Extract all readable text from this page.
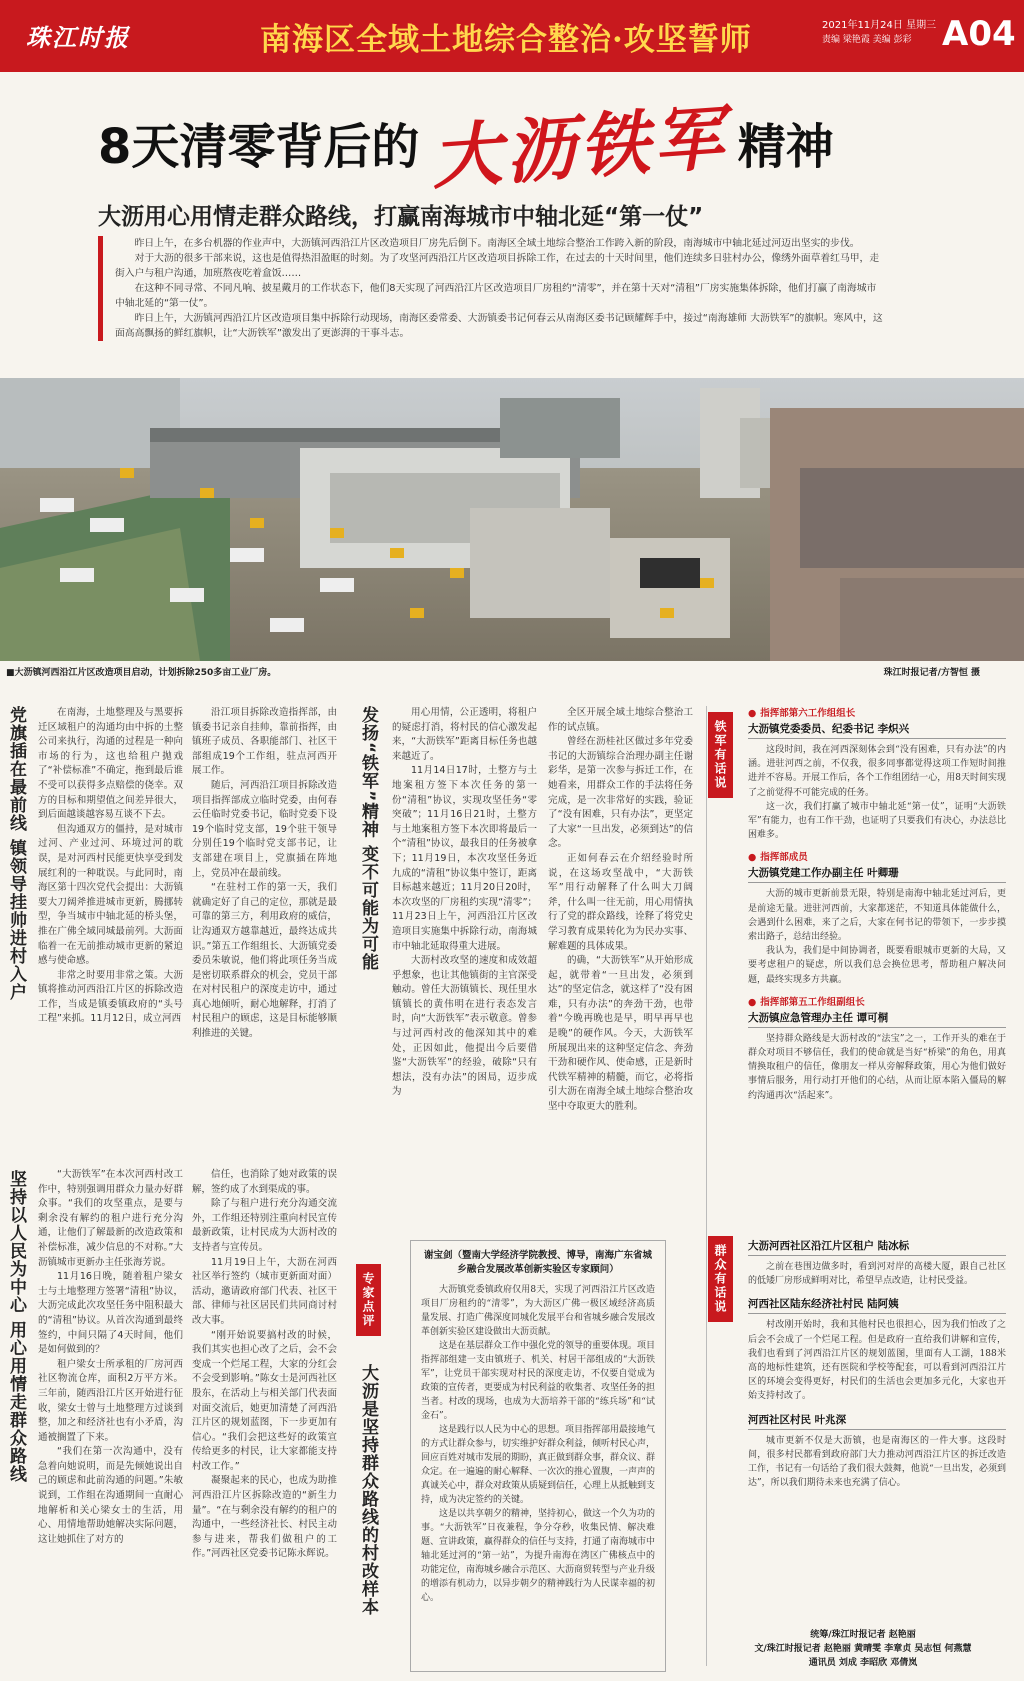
珠江时报	南海区全域土地综合整治·攻坚誓师	2021年11月24日 星期三
责编 梁艳霞 美编 彭彩 A04
8天清零背后的 大沥铁军 精神
大沥用心用情走群众路线，打赢南海城市中轴北延“第一仗”

昨日上午，在多台机器的作业声中，大沥镇河西沿江片区改造项目厂房先后倒下。南海区全域土地综合整治工作跨入新的阶段，南海城市中轴北延过河迈出坚实的步伐。

对于大沥的很多干部来说，这也是值得热泪盈眶的时刻。为了攻坚河西沿江片区改造项目拆除工作，在过去的十天时间里，他们连续多日驻村办公，像绣外面草着红马甲，走街入户与租户沟通，加班熬夜吃着盒饭……

在这种不同寻常、不同凡响、披星戴月的工作状态下，他们8天实现了河西沿江片区改造项目厂房租约“清零”，并在第十天对“清租”厂房实施集体拆除，他们打赢了南海城市中轴北延的“第一仗”。

昨日上午，大沥镇河西沿江片区改造项目集中拆除行动现场，南海区委常委、大沥镇委书记何春云从南海区委书记顾耀辉手中，接过“南海雄师 大沥铁军”的旗帜。寒风中，这面高高飘扬的鲜红旗帜，让“大沥铁军”激发出了更澎湃的干事斗志。

■大沥镇河西沿江片区改造项目启动，计划拆除250多亩工业厂房。	珠江时报记者/方智恒 摄
党旗插在最前线 镇领导挂帅进村入户	在南海，土地整理及与黑要拆迁区域租户的沟通均由中拆的土整公司来执行，沟通的过程是一种向市场的行为，这也给租户抛戏了“补偿标准”不确定，拖到最后谁不受可以获得多点赔偿的侥幸。双方的目标和期望值之间差异很大，到后面越谈越容易互谈不下去。

但沟通双方的僵持，是对城市过河、产业过河、环境过河的耽误，是对河西村民能更快享受到发展红利的一种耽误。与此同时，南海区第十四次党代会提出：大沥镇要大刀阔斧推进城市更新，腾挪转型，争当城市中轴北延的桥头堡，推在广佛全域同城最前列。大沥面临着一在无前推动城市更新的紧迫感与使命感。

非常之时要用非常之策。大沥镇将推动河西沿江片区的拆除改造工作，当成是镇委镇政府的“头号工程”来抓。11月12日，成立河西

沿江项目拆除改造指挥部，由镇委书记亲自挂帅，靠前指挥，由镇班子成员、各职能部门、社区干部组成19个工作组，驻点河西开展工作。

随后，河西沿江项目拆除改造项目指挥部成立临时党委，由何春云任临时党委书记，临时党委下设19个临时党支部，19个驻干领导分别任19个临时党支部书记，让支部建在项目上，党旗插在阵地上，党员冲在最前线。

“在驻村工作的第一天，我们就确定好了自己的定位，那就是最可靠的第三方，利用政府的威信，让沟通双方越靠越近，最终达成共识。”第五工作组组长、大沥镇党委委员朱敏说，他们将此项任务当成是密切联系群众的机会，党员干部在对村民租户的深度走访中，通过真心地倾听，耐心地解释，打消了村民租户的顾虑，这是目标能够顺利推进的关键。

发扬“铁军”精神 变不可能为可能	用心用情，公正透明，将租户的疑虑打消，将村民的信心激发起来，“大沥铁军”距离目标任务也越来越近了。

11月14日17时，土整方与土地案租方签下本次任务的第一份“清租”协议，实现攻坚任务“零突破”；11月16日21时，土整方与土地案租方签下本次即将最后一个“清租”协议，最我目的任务被拿下；11月19日，本次攻坚任务近九成的“清租”协议集中签订，距离目标越来越近；11月20日20时，本次攻坚的厂房租约实现“清零”；11月23日上午，河西沿江片区改造项目实施集中拆除行动，南海城市中轴北延取得重大进展。

大沥村改攻坚的速度和成效超乎想象，也让其他镇街的主官深受触动。曾任大沥镇镇长、现任里水镇镇长的黄伟明在进行表态发言时，向“大沥铁军”表示敬意。曾参与过河西村改的他深知其中的难处，正因如此，他提出今后要借鉴“大沥铁军”的经验，破除“只有想法，没有办法”的困局，迈步成为

全区开展全域土地综合整治工作的试点镇。

曾经在沥桂社区做过多年党委书记的大沥镇综合治理办副主任谢彩华，是第一次参与拆迁工作，在她看来，用群众工作的手法将任务完成，是一次非常好的实践，验证了“没有困难，只有办法”，更坚定了大家“一旦出发，必须到达”的信念。

正如何春云在介绍经验时所说，在这场攻坚战中，“大沥铁军”用行动解释了什么叫大刀阔斧，什么叫一往无前，用心用情执行了党的群众路线，诠释了将党史学习教育成果转化为为民办实事、解难题的具体成果。

的确，“大沥铁军”从开始形成起，就带着“一旦出发，必须到达”的坚定信念，就这样了“没有困难，只有办法”的奔劲干劲，也带着“今晚再晚也是早，明早再早也是晚”的硬作风。今天，大沥铁军所展现出来的这种坚定信念、奔劲干劲和硬作风、使命感，正是新时代铁军精神的精髓，而它，必将指引大沥在南海全域土地综合整治攻坚中夺取更大的胜利。

坚持以人民为中心 用心用情走群众路线	“大沥铁军”在本次河西村改工作中，特别强调用群众力量办好群众事。“我们的攻坚重点，是要与剩余没有解约的租户进行充分沟通，让他们了解最新的改造政策和补偿标准，减少信息的不对称。”大沥镇城市更新办主任张海芳说。

11月16日晚，随着租户梁女士与土地整理方签署“清租”协议，大沥完成此次攻坚任务中阻积最大的“清租”协议。从首次沟通到最终签约，中间只隔了4天时间，他们是如何做到的？

租户梁女士所承租的厂房河西社区物流仓库，面积2万平方米。三年前，随西沿江片区开始进行征收，梁女士曾与土地整理方过谈到整，加之和经济社也有小矛盾，沟通被搁置了下来。

“我们在第一次沟通中，没有急着向她说明，而是先倾她说出自己的顾虑和此前沟通的问题。”朱敏说到，工作组在沟通期间一直耐心地解析和关心梁女士的生活，用心、用情地帮助她解决实际问题，这让她抓住了对方的

信任，也消除了她对政策的误解，签约成了水到渠成的事。

除了与租户进行充分沟通交流外，工作组还特别注重向村民宣传最新政策，让村民成为大沥村改的支持者与宣传员。

11月19日上午，大沥在河西社区举行签约（城市更新面对面）活动，邀请政府部门代表、社区干部、律师与社区居民们共同商讨村改大事。

“刚开始说要搞村改的时候，我们其实也担心改了之后，会不会变成一个烂尾工程，大家的分红会不会受到影响。”陈女士是河西社区股东，在活动上与相关部门代表面对面交流后，她更加清楚了河西沿江片区的规划蓝图，下一步更加有信心。“我们会把这些好的政策宣传给更多的村民，让大家都能支持村改工作。”

凝聚起来的民心，也成为助推河西沿江片区拆除改造的“新生力量”。“在与剩余没有解约的租户的沟通中，一些经济社长、村民主动参与进来，帮我们做租户的工作。”河西社区党委书记陈永辉说。

专家点评
大沥是坚持群众路线的村改样本
谢宝剑（暨南大学经济学院教授、博导，南海广东省城乡融合发展改革创新实验区专家顾问）

大沥镇党委镇政府仅用8天，实现了河西沿江片区改造项目厂房租约的“清零”，为大沥区广佛一极区域经济高质量发展、打造广佛深度同城化发展平台和省城乡融合发展改革创新实验区建设做出大沥贡献。

这是在基层群众工作中强化党的领导的重要体现。项目指挥部组建一支由镇班子、机关、村居干部组成的“大沥铁军”，让党员干部实现对村民的深度走访，不仅要自觉成为政策的宣传者，更要成为村民利益的收集者、攻坚任务的担当者。村改的现场，也成为大沥培养干部的“练兵场”和“试金石”。

这是践行以人民为中心的思想。项目指挥部用最接地气的方式让群众参与，切实维护好群众利益，倾听村民心声，回应百姓对城市发展的期盼，真正做到群众事，群众议、群众定。在一遍遍的耐心解释、一次次的推心置腹，一声声的真诚关心中，群众对政策从质疑到信任，心理上从抵触到支持，成为决定签约的关键。

这是以共享朝夕的精神，坚持初心，做这一个久为功的事。“大沥铁军”日夜兼程，争分夺秒，收集民情、解决难题、宣讲政策，赢得群众的信任与支持，打通了南海城市中轴北延过河的“第一站”，为提升南海在湾区广佛核点中的功能定位，南海城乡融合示范区、大沥商贸转型与产业升级的增添有机动力，以异步朝夕的精神践行为人民谋幸福的初心。

铁军有话说
● 指挥部第六工作组组长
大沥镇党委委员、纪委书记 李炽兴

这段时间，我在河西深刻体会到“没有困难，只有办法”的内涵。进驻河西之前，不仅我，很多同事都觉得这项工作短时间推进并不容易。开展工作后，各个工作组团结一心，用8天时间实现了之前觉得不可能完成的任务。

这一次，我们打赢了城市中轴北延“第一仗”，证明“大沥铁军”有能力，也有工作干劲，也证明了只要我们有决心，办法总比困难多。

● 指挥部成员
大沥镇党建工作办副主任 叶卿珊

大沥的城市更新前景无限，特别是南海中轴北延过河后，更是前途无量。进驻河西前，大家都迷茫，不知道具体能做什么，会遇到什么困难，来了之后，大家在何书记的带领下，一步步摸索出路子，总结出经验。

我认为，我们是中间协调者，既要看眼城市更新的大局，又要考虑租户的疑虑，所以我们总会换位思考，帮助租户解决问题，最终实现多方共赢。

● 指挥部第五工作组副组长
大沥镇应急管理办主任 谭可桐

坚持群众路线是大沥村改的“法宝”之一，工作开头的难在于群众对项目不够信任，我们的使命就是当好“桥梁”的角色，用真情换取租户的信任，像朋友一样从旁解释政策，用心为他们做好事情后服务，用行动打开他们的心结，从而让原本陷入僵局的解约沟通再次“活起来”。

群众有话说	大沥河西社区沿江片区租户 陆冰标

之前在巷围边做多时，看到河对岸的高楼大厦，跟自己社区的低矮厂房形成鲜明对比，希望早点改造，让村民受益。

河西社区陆东经济社村民 陆阿姨

村改刚开始时，我和其他村民也很担心，因为我们怕改了之后会不会成了一个烂尾工程。但是政府一直给我们讲解和宣传，我们也看到了河西沿江片区的规划蓝图，里面有人工湖，188米高的地标性建筑，还有医院和学校等配套，可以看到河西沿江片区的环境会变得更好，村民们的生活也会更加多元化，大家也开始支持村改了。

河西社区村民 叶兆深

城市更新不仅是大沥镇，也是南海区的一件大事。这段时间，很多村民都看到政府部门大力推动河西沿江片区的拆迁改造工作，书记有一句话给了我们很大鼓舞，他说“一旦出发，必须到达”，所以我们期待未来也充满了信心。

统筹/珠江时报记者 赵艳丽
文/珠江时报记者 赵艳丽 黄晴雯 李章贞 吴志恒 何燕慧
通讯员 刘成 李昭欣 邓倩岚
